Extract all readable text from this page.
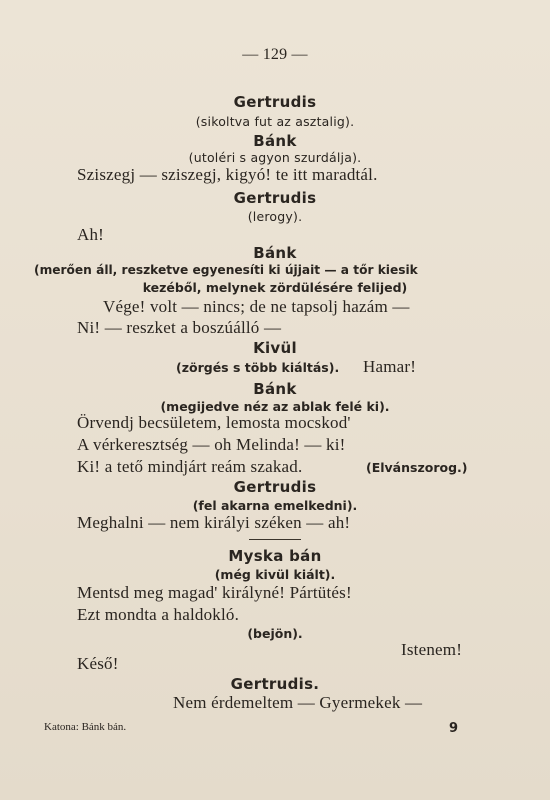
— 129 —
Gertrudis
(sikoltva fut az asztalig).
Bánk
(utoléri s agyon szurdálja).
Sziszegj — sziszegj, kigyó! te itt maradtál.
Gertrudis
(lerogy).
Ah!
Bánk
(merően áll, reszketve egyenesíti ki újjait — a tőr kiesik
kezéből, melynek zördülésére felijed)
Vége! volt — nincs; de ne tapsolj hazám —
Ni! — reszket a boszúálló —
Kivül
(zörgés s több kiáltás). Hamar!
Bánk
(megijedve néz az ablak felé ki).
Örvendj becsületem, lemosta mocskod'
A vérkeresztség — oh Melinda! — ki!
Ki! a tető mindjárt reám szakad.	(Elvánszorog.)
Gertrudis
(fel akarna emelkedni).
Meghalni — nem királyi széken — ah!
Myska bán
(még kivül kiált).
Mentsd meg magad' királyné! Pártütés!
Ezt mondta a haldokló.
(bejön).
Istenem!
Késő!
Gertrudis.
Nem érdemeltem — Gyermekek —
Katona: Bánk bán.	9
